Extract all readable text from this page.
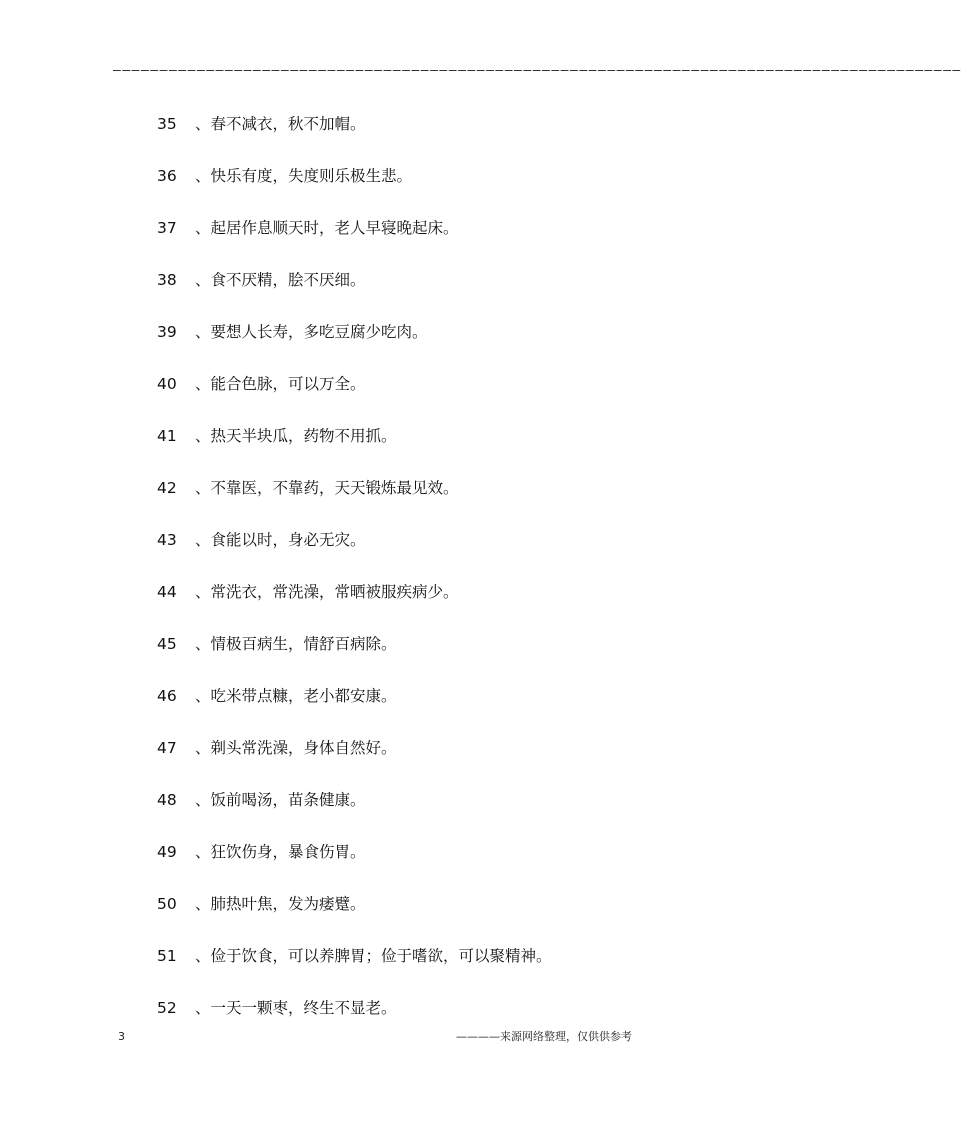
–––––––––––––––––––––––––––––––––––––––––––––––––––––––––––––––––––––––––––––––––––––––––––
35	、 春不减衣，秋不加帽。
36	、 快乐有度，失度则乐极生悲。
37	、 起居作息顺天时，老人早寝晚起床。
38	、 食不厌精，脍不厌细。
39	、 要想人长寿，多吃豆腐少吃肉。
40	、 能合色脉，可以万全。
41	、 热天半块瓜，药物不用抓。
42	、 不靠医，不靠药，天天锻炼最见效。
43	、 食能以时，身必无灾。
44	、 常洗衣，常洗澡，常晒被服疾病少。
45	、 情极百病生，情舒百病除。
46	、 吃米带点糠，老小都安康。
47	、 剃头常洗澡，身体自然好。
48	、 饭前喝汤，苗条健康。
49	、 狂饮伤身，暴食伤胃。
50	、 肺热叶焦，发为痿躄。
51	、 俭于饮食，可以养脾胃；俭于嗜欲，可以聚精神。
52	、 一天一颗枣，终生不显老。
3	————来源网络整理，仅供供参考
